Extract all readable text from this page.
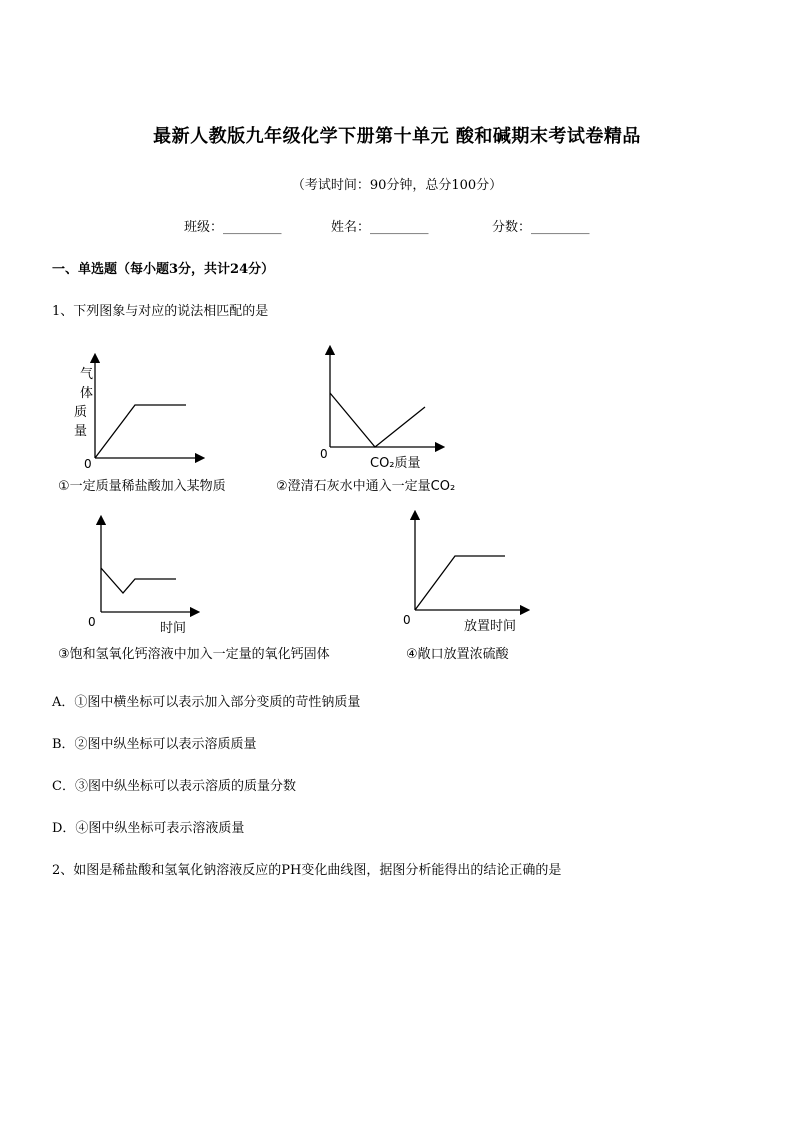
最新人教版九年级化学下册第十单元 酸和碱期末考试卷精品
（考试时间：90分钟，总分100分）
班级：_________	姓名：_________	分数：_________
一、单选题（每小题3分，共计24分）
1、下列图象与对应的说法相匹配的是
气
体
质
量
0
①一定质量稀盐酸加入某物质
0
CO₂质量
②澄清石灰水中通入一定量CO₂
0	时间
③饱和氢氧化钙溶液中加入一定量的氧化钙固体
0	放置时间
④敞口放置浓硫酸
A．①图中横坐标可以表示加入部分变质的苛性钠质量
B．②图中纵坐标可以表示溶质质量
C．③图中纵坐标可以表示溶质的质量分数
D．④图中纵坐标可表示溶液质量
2、如图是稀盐酸和氢氧化钠溶液反应的PH变化曲线图，据图分析能得出的结论正确的是
